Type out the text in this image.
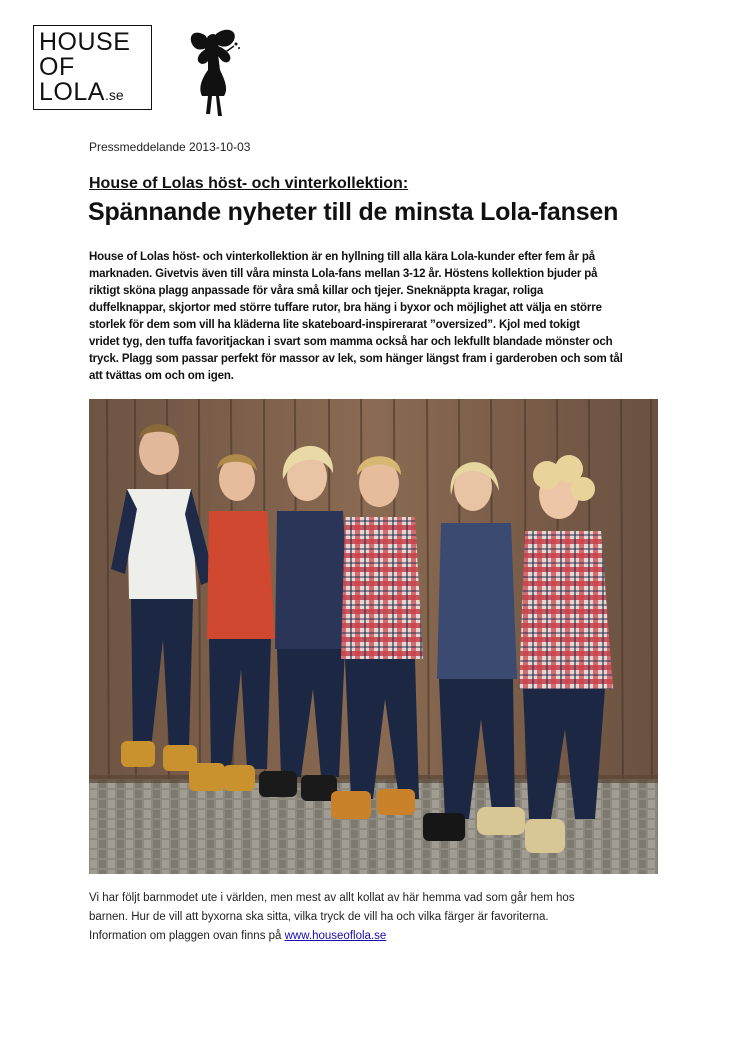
HOUSE
OF
LOLA.se
Pressmeddelande 2013-10-03
House of Lolas höst- och vinterkollektion:
Spännande nyheter till de minsta Lola-fansen
House of Lolas höst- och vinterkollektion är en hyllning till alla kära Lola-kunder efter fem år på
marknaden. Givetvis även till våra minsta Lola-fans mellan 3-12 år. Höstens kollektion bjuder på
riktigt sköna plagg anpassade för våra små killar och tjejer. Sneknäppta kragar, roliga
duffelknappar, skjortor med större tuffare rutor, bra häng i byxor och möjlighet att välja en större
storlek för dem som vill ha kläderna lite skateboard-inspirerarat ”oversized”. Kjol med tokigt
vridet tyg, den tuffa favoritjackan i svart som mamma också har och lekfullt blandade mönster och
tryck. Plagg som passar perfekt för massor av lek, som hänger längst fram i garderoben och som tål
att tvättas om och om igen.
Vi har följt barnmodet ute i världen, men mest av allt kollat av här hemma vad som går hem hos
barnen. Hur de vill att byxorna ska sitta, vilka tryck de vill ha och vilka färger är favoriterna.
Information om plaggen ovan finns på www.houseoflola.se
